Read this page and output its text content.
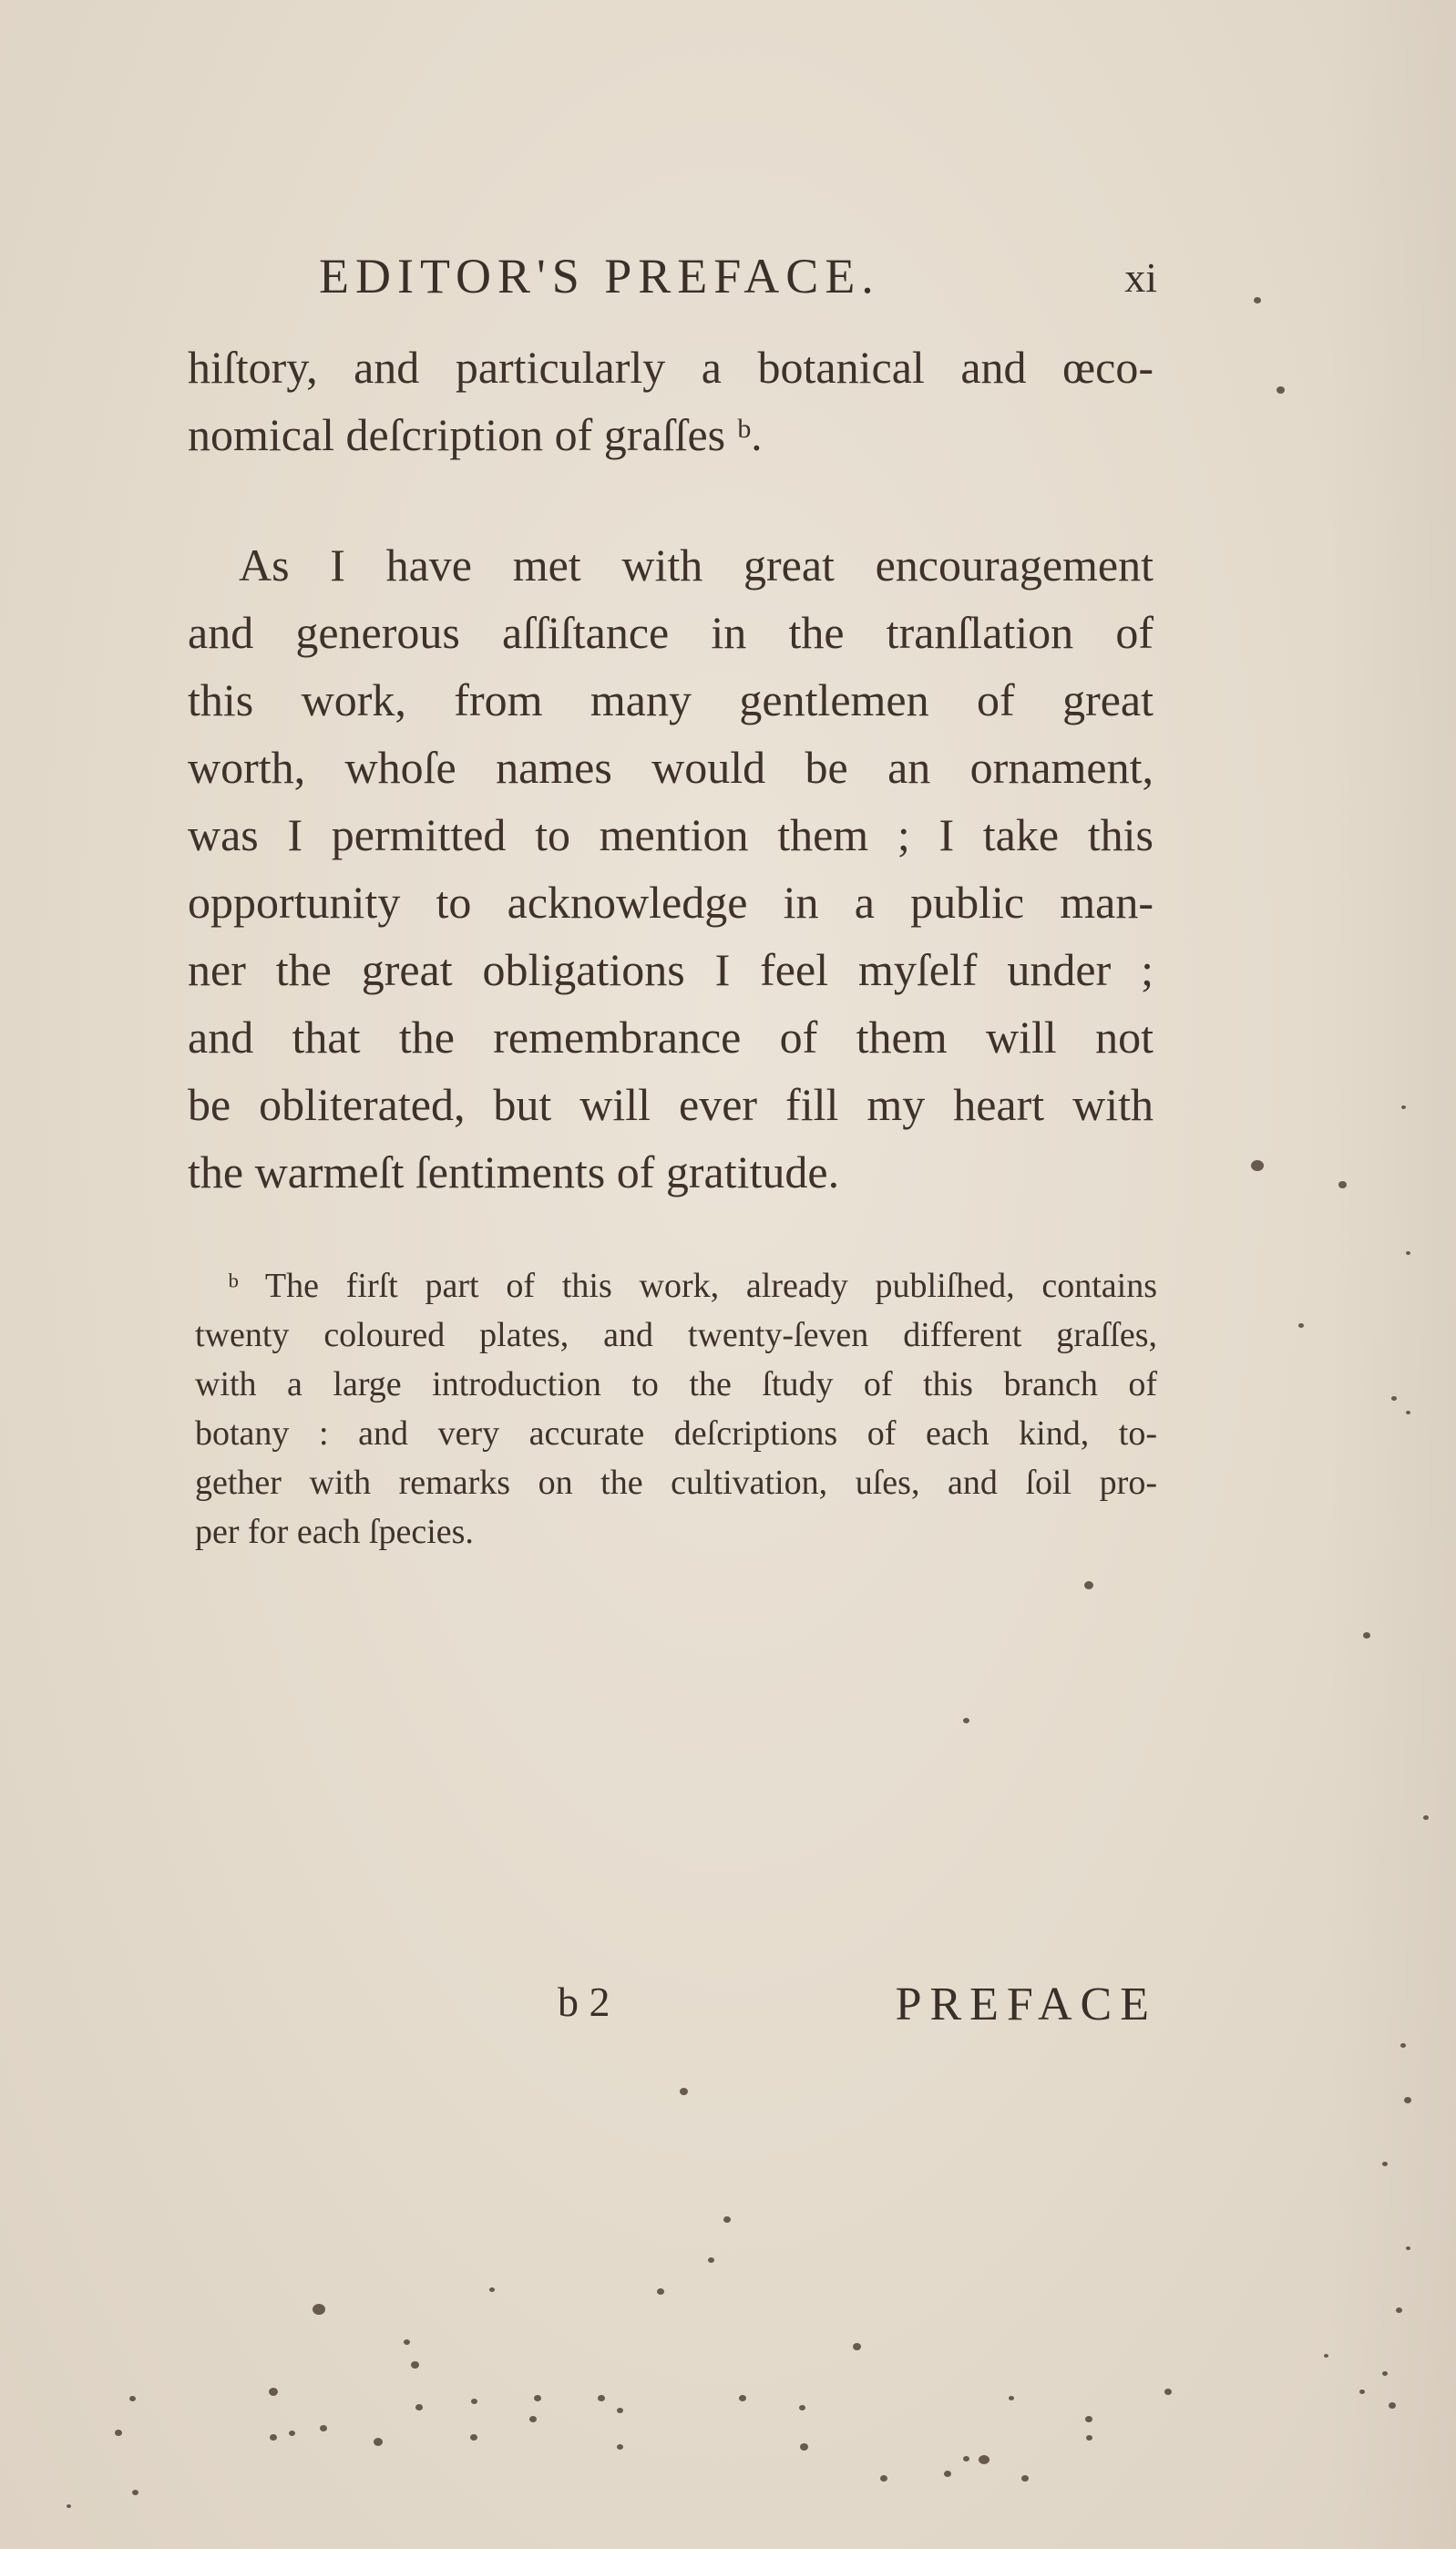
EDITOR'S PREFACE.	xi
hiſtory, and particularly a botanical and œco-
nomical deſcription of graſſes ᵇ.
As I have met with great encouragement
and generous aſſiſtance in the tranſlation of
this work, from many gentlemen of great
worth, whoſe names would be an ornament,
was I permitted to mention them ; I take this
opportunity to acknowledge in a public man-
ner the great obligations I feel myſelf under ;
and that the remembrance of them will not
be obliterated, but will ever fill my heart with
the warmeſt ſentiments of gratitude.
ᵇ The firſt part of this work, already publiſhed, contains
twenty coloured plates, and twenty-ſeven different graſſes,
with a large introduction to the ſtudy of this branch of
botany : and very accurate deſcriptions of each kind, to-
gether with remarks on the cultivation, uſes, and ſoil pro-
per for each ſpecies.
b 2	PREFACE
